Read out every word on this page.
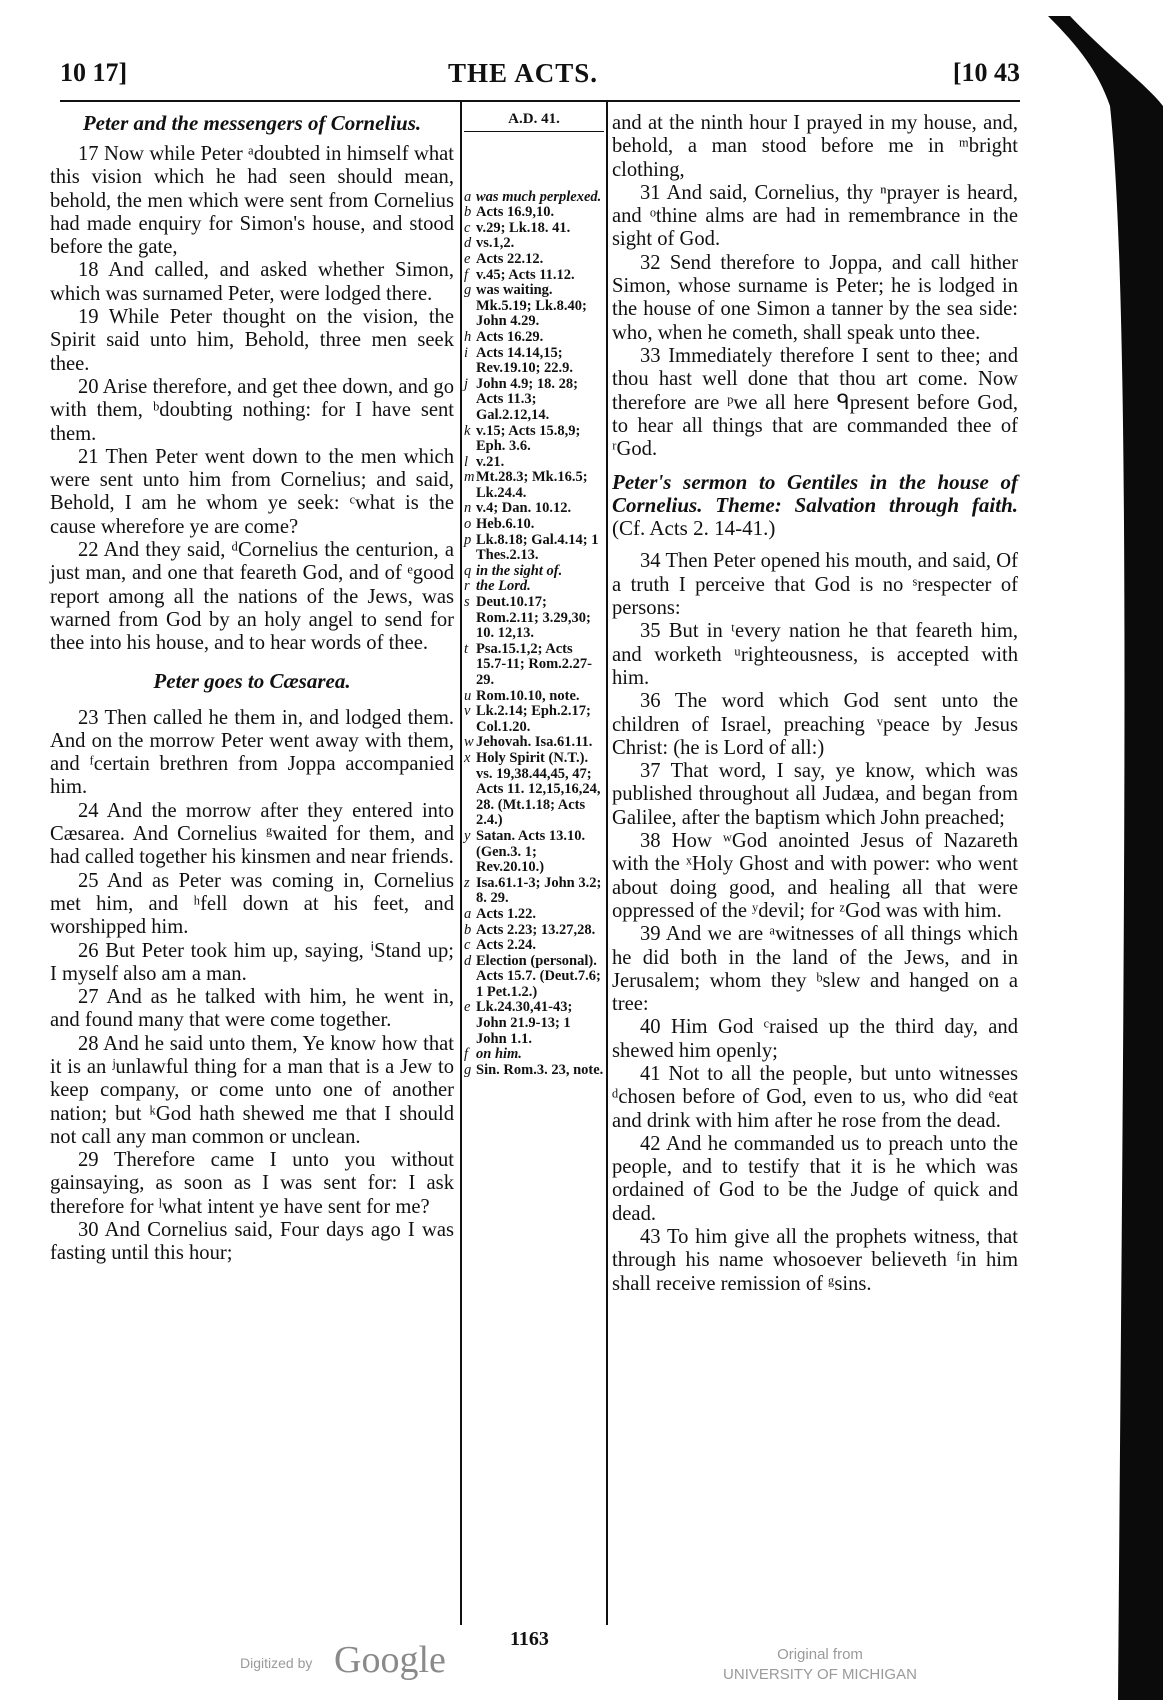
10 17]	THE ACTS.	[10 43
Peter and the messengers of Cornelius.

17 Now while Peter ᵃdoubted in himself what this vision which he had seen should mean, behold, the men which were sent from Cornelius had made enquiry for Simon's house, and stood before the gate,

18 And called, and asked whether Simon, which was surnamed Peter, were lodged there.

19 While Peter thought on the vision, the Spirit said unto him, Behold, three men seek thee.

20 Arise therefore, and get thee down, and go with them, ᵇdoubting nothing: for I have sent them.

21 Then Peter went down to the men which were sent unto him from Cornelius; and said, Behold, I am he whom ye seek: ᶜwhat is the cause wherefore ye are come?

22 And they said, ᵈCornelius the centurion, a just man, and one that feareth God, and of ᵉgood report among all the nations of the Jews, was warned from God by an holy angel to send for thee into his house, and to hear words of thee.

Peter goes to Cæsarea.

23 Then called he them in, and lodged them. And on the morrow Peter went away with them, and ᶠcertain brethren from Joppa accompanied him.

24 And the morrow after they entered into Cæsarea. And Cornelius ᵍwaited for them, and had called together his kinsmen and near friends.

25 And as Peter was coming in, Cornelius met him, and ʰfell down at his feet, and worshipped him.

26 But Peter took him up, saying, ⁱStand up; I myself also am a man.

27 And as he talked with him, he went in, and found many that were come together.

28 And he said unto them, Ye know how that it is an ʲunlawful thing for a man that is a Jew to keep company, or come unto one of another nation; but ᵏGod hath shewed me that I should not call any man common or unclean.

29 Therefore came I unto you without gainsaying, as soon as I was sent for: I ask therefore for ˡwhat intent ye have sent for me?

30 And Cornelius said, Four days ago I was fasting until this hour;

A.D. 41.
a was much perplexed.
b Acts 16.9,10.
c v.29; Lk.18. 41.
d vs.1,2.
e Acts 22.12.
f v.45; Acts 11.12.
g was waiting. Mk.5.19; Lk.8.40; John 4.29.
h Acts 16.29.
i Acts 14.14,15; Rev.19.10; 22.9.
j John 4.9; 18. 28; Acts 11.3; Gal.2.12,14.
k v.15; Acts 15.8,9; Eph. 3.6.
l v.21.
m Mt.28.3; Mk.16.5; Lk.24.4.
n v.4; Dan. 10.12.
o Heb.6.10.
p Lk.8.18; Gal.4.14; 1 Thes.2.13.
q in the sight of.
r the Lord.
s Deut.10.17; Rom.2.11; 3.29,30; 10. 12,13.
t Psa.15.1,2; Acts 15.7-11; Rom.2.27-29.
u Rom.10.10, note.
v Lk.2.14; Eph.2.17; Col.1.20.
w Jehovah. Isa.61.11.
x Holy Spirit (N.T.). vs. 19,38.44,45, 47; Acts 11. 12,15,16,24, 28. (Mt.1.18; Acts 2.4.)
y Satan. Acts 13.10. (Gen.3. 1; Rev.20.10.)
z Isa.61.1-3; John 3.2; 8. 29.
a Acts 1.22.
b Acts 2.23; 13.27,28.
c Acts 2.24.
d Election (personal). Acts 15.7. (Deut.7.6; 1 Pet.1.2.)
e Lk.24.30,41-43; John 21.9-13; 1 John 1.1.
f on him.
g Sin. Rom.3. 23, note.

and at the ninth hour I prayed in my house, and, behold, a man stood before me in ᵐbright clothing,

31 And said, Cornelius, thy ⁿprayer is heard, and ᵒthine alms are had in remembrance in the sight of God.

32 Send therefore to Joppa, and call hither Simon, whose surname is Peter; he is lodged in the house of one Simon a tanner by the sea side: who, when he cometh, shall speak unto thee.

33 Immediately therefore I sent to thee; and thou hast well done that thou art come. Now therefore are ᵖwe all here ᑫpresent before God, to hear all things that are commanded thee of ʳGod.

Peter's sermon to Gentiles in the house of Cornelius. Theme: Salvation through faith. (Cf. Acts 2. 14-41.)

34 Then Peter opened his mouth, and said, Of a truth I perceive that God is no ˢrespecter of persons:

35 But in ᵗevery nation he that feareth him, and worketh ᵘrighteousness, is accepted with him.

36 The word which God sent unto the children of Israel, preaching ᵛpeace by Jesus Christ: (he is Lord of all:)

37 That word, I say, ye know, which was published throughout all Judæa, and began from Galilee, after the baptism which John preached;

38 How ʷGod anointed Jesus of Nazareth with the ˣHoly Ghost and with power: who went about doing good, and healing all that were oppressed of the ʸdevil; for ᶻGod was with him.

39 And we are ᵃwitnesses of all things which he did both in the land of the Jews, and in Jerusalem; whom they ᵇslew and hanged on a tree:

40 Him God ᶜraised up the third day, and shewed him openly;

41 Not to all the people, but unto witnesses ᵈchosen before of God, even to us, who did ᵉeat and drink with him after he rose from the dead.

42 And he commanded us to preach unto the people, and to testify that it is he which was ordained of God to be the Judge of quick and dead.

43 To him give all the prophets witness, that through his name whosoever believeth ᶠin him shall receive remission of ᵍsins.

1163
Digitized by Google	Original from
UNIVERSITY OF MICHIGAN
